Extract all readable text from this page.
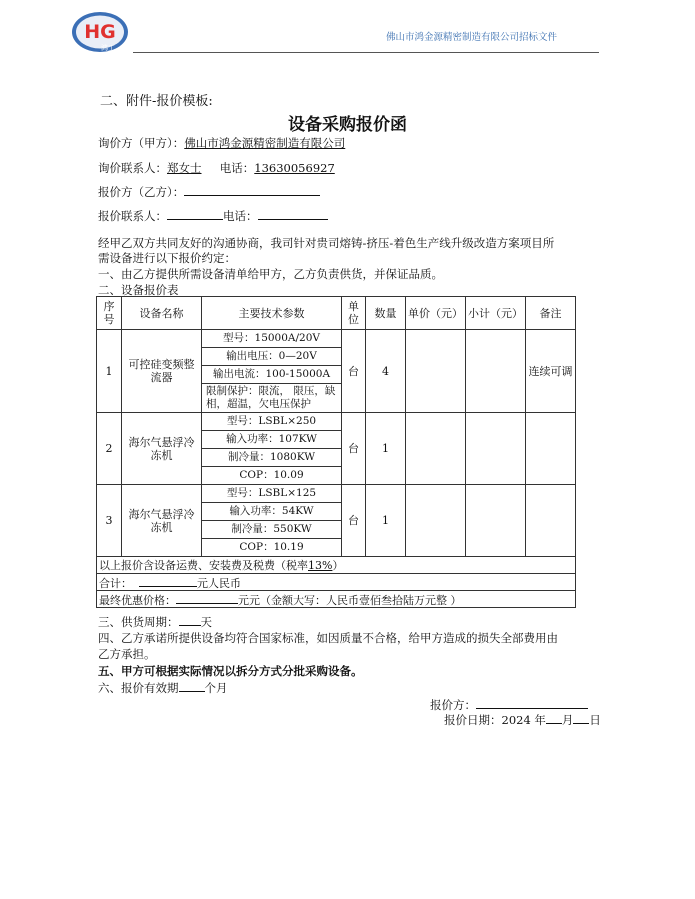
HG
鸿工
佛山市鸿金源精密制造有限公司招标文件
二、附件-报价模板:
设备采购报价函
询价方（甲方）：佛山市鸿金源精密制造有限公司
询价联系人：郑女士 电话：13630056927
报价方（乙方）：
报价联系人：	电话：
经甲乙双方共同友好的沟通协商，我司针对贵司熔铸-挤压-着色生产线升级改造方案项目所
需设备进行以下报价约定：
一、由乙方提供所需设备清单给甲方，乙方负责供货，并保证品质。
二、设备报价表
序号	设备名称	主要技术参数	单位	数量	单价（元）	小计（元）	备注
1	可控硅变频整流器	型号：15000A/20V	台	4			连续可调
		输出电压：0—20V					
		输出电流：100-15000A					
		限制保护：限流， 限压，缺相，超温，欠电压保护					
2	海尔气悬浮冷冻机	型号：LSBL×250	台	1			
		输入功率：107KW					
		制冷量：1080KW					
		COP：10.09					
3	海尔气悬浮冷冻机	型号：LSBL×125	台	1			
		输入功率：54KW					
		制冷量：550KW					
		COP：10.19					
以上报价含设备运费、安装费及税费（税率13%）							
合计： 元人民币							
最终优惠价格： 元元（金额大写：人民币壹佰叁拾陆万元整 ）							
三、供货周期： 天
四、乙方承诺所提供设备均符合国家标准，如因质量不合格，给甲方造成的损失全部费用由
乙方承担。
五、甲方可根据实际情况以拆分方式分批采购设备。
六、报价有效期 个月
报价方：
报价日期：2024 年 月 日
